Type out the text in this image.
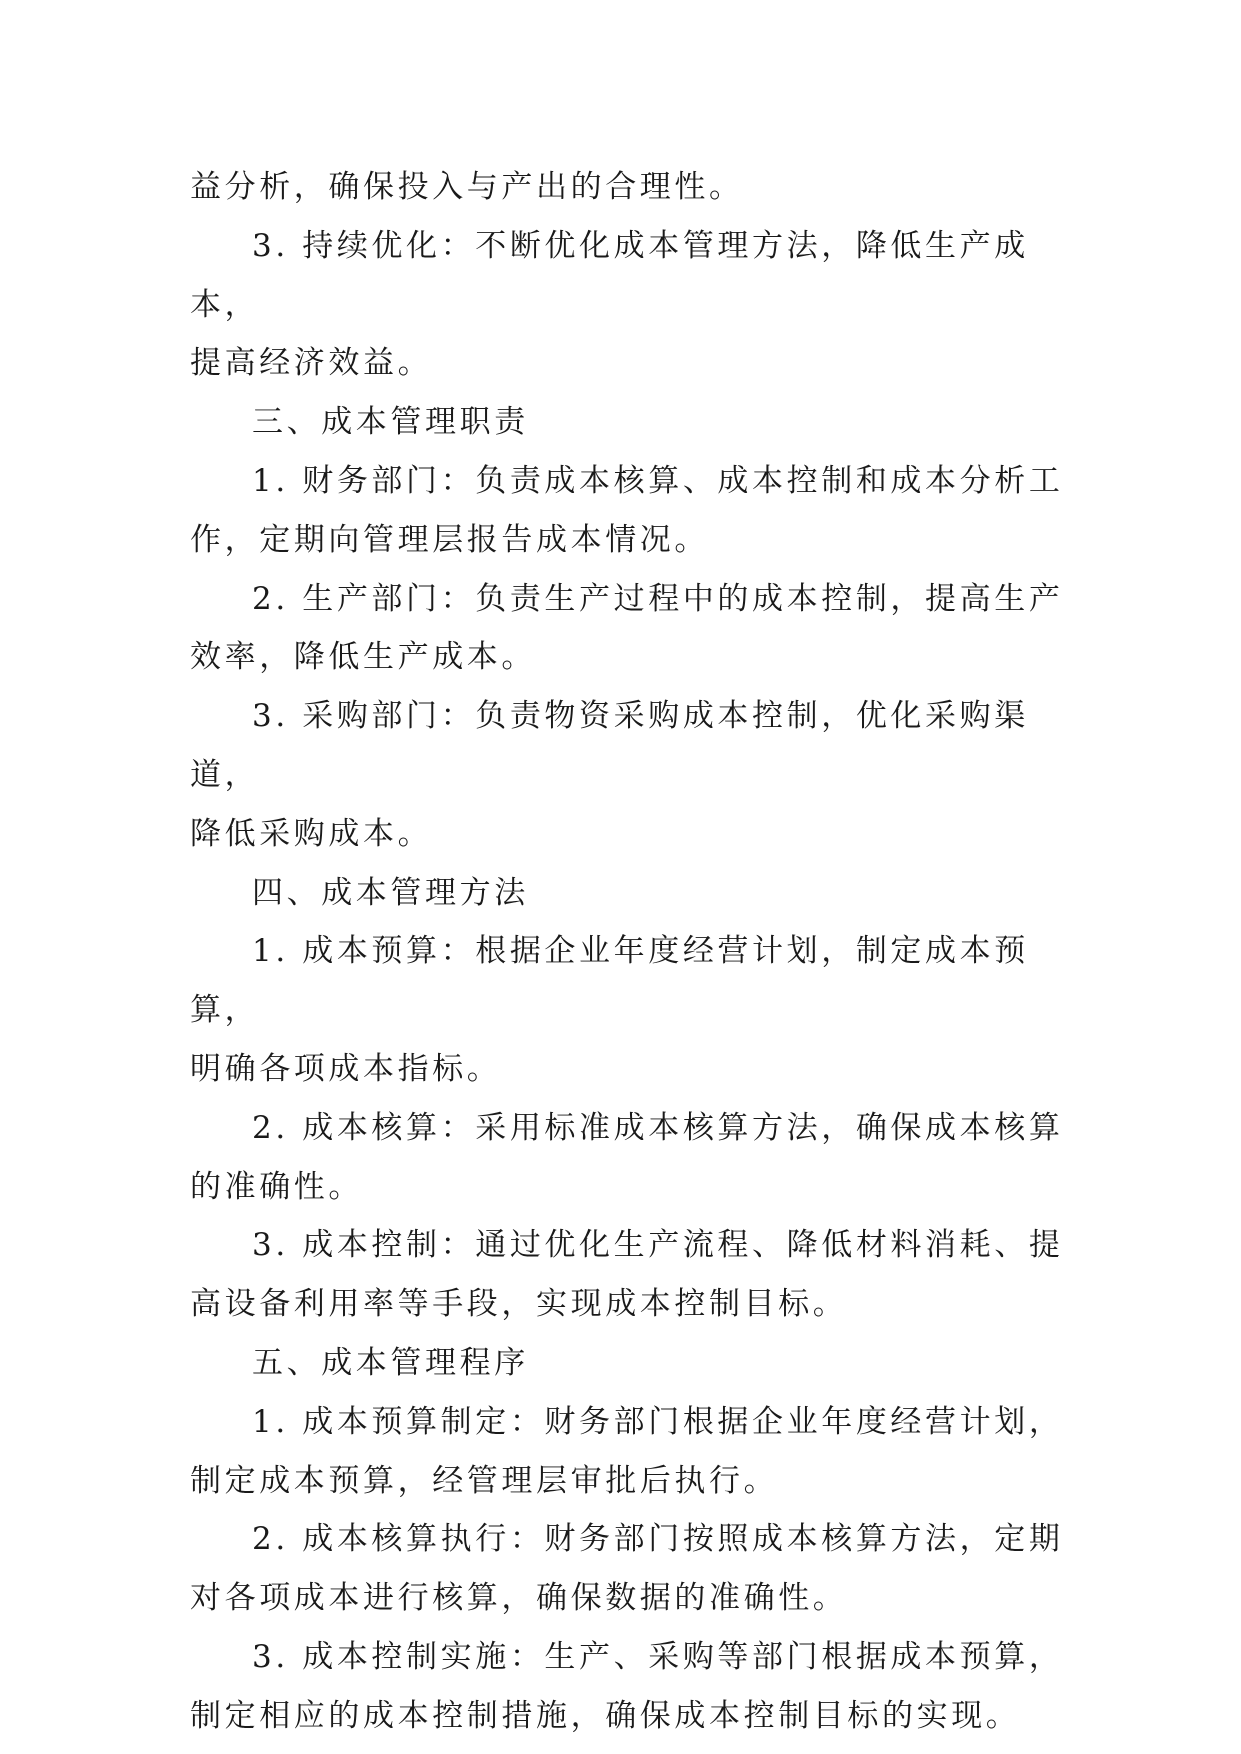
益分析，确保投入与产出的合理性。

3. 持续优化：不断优化成本管理方法，降低生产成本，

提高经济效益。

三、成本管理职责

1. 财务部门：负责成本核算、成本控制和成本分析工

作，定期向管理层报告成本情况。

2. 生产部门：负责生产过程中的成本控制，提高生产

效率，降低生产成本。

3. 采购部门：负责物资采购成本控制，优化采购渠道，

降低采购成本。

四、成本管理方法

1. 成本预算：根据企业年度经营计划，制定成本预算，

明确各项成本指标。

2. 成本核算：采用标准成本核算方法，确保成本核算

的准确性。

3. 成本控制：通过优化生产流程、降低材料消耗、提

高设备利用率等手段，实现成本控制目标。

五、成本管理程序

1. 成本预算制定：财务部门根据企业年度经营计划，

制定成本预算，经管理层审批后执行。

2. 成本核算执行：财务部门按照成本核算方法，定期

对各项成本进行核算，确保数据的准确性。

3. 成本控制实施：生产、采购等部门根据成本预算，

制定相应的成本控制措施，确保成本控制目标的实现。
